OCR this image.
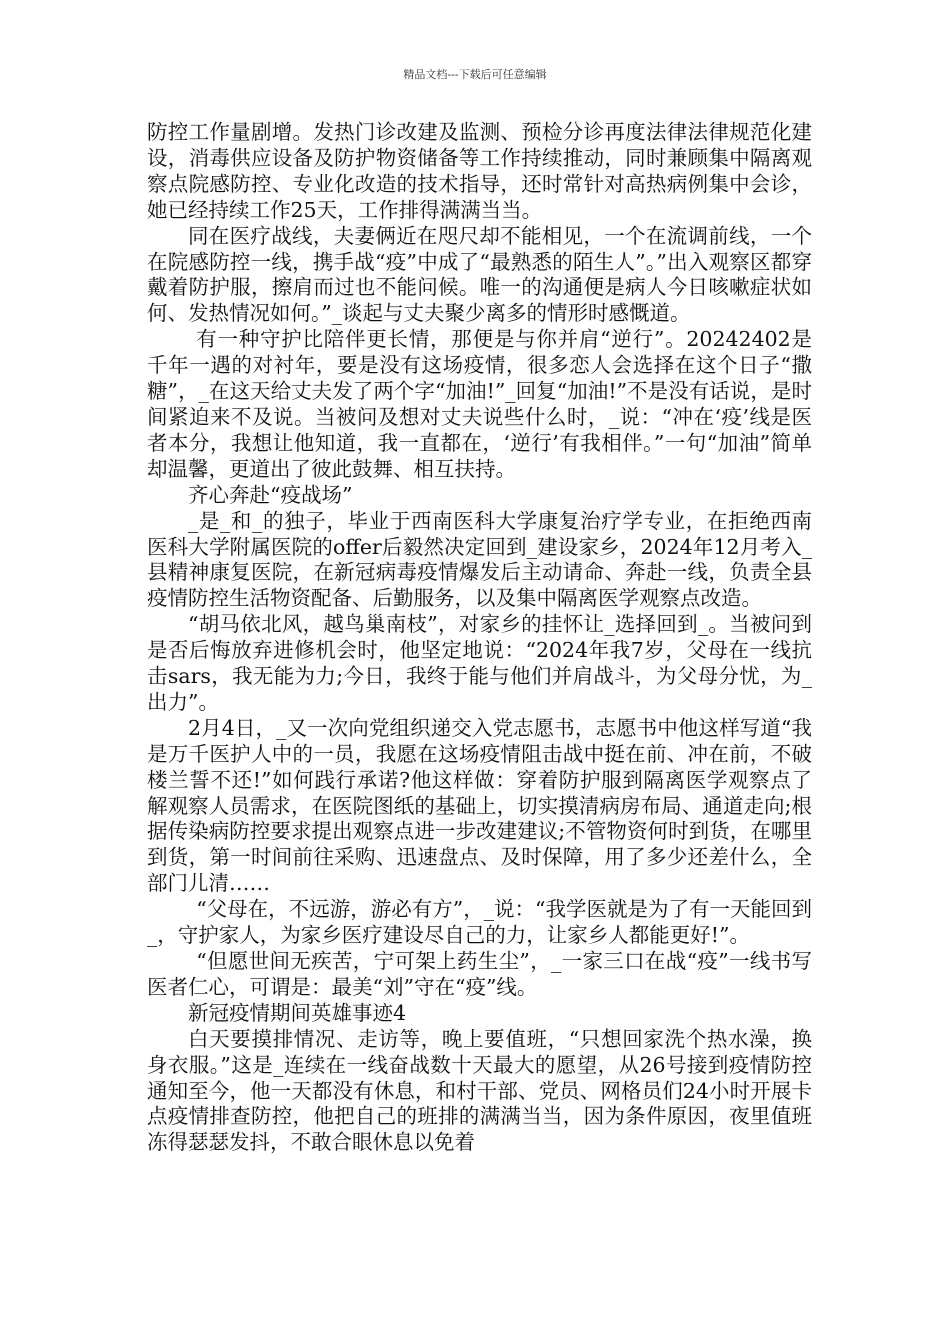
精品文档---下载后可任意编辑

防控工作量剧增。发热门诊改建及监测、预检分诊再度法律法律规范化建设，消毒供应设备及防护物资储备等工作持续推动，同时兼顾集中隔离观察点院感防控、专业化改造的技术指导，还时常针对高热病例集中会诊，她已经持续工作25天，工作排得满满当当。

同在医疗战线，夫妻俩近在咫尺却不能相见，一个在流调前线，一个在院感防控一线，携手战“疫”中成了“最熟悉的陌生人”。”出入观察区都穿戴着防护服，擦肩而过也不能问候。唯一的沟通便是病人今日咳嗽症状如何、发热情况如何。”_谈起与丈夫聚少离多的情形时感慨道。

有一种守护比陪伴更长情，那便是与你并肩“逆行”。20242402是千年一遇的对衬年，要是没有这场疫情，很多恋人会选择在这个日子“撒糖”，_在这天给丈夫发了两个字“加油!”_回复“加油!”不是没有话说，是时间紧迫来不及说。当被问及想对丈夫说些什么时，_说：“冲在‘疫’线是医者本分，我想让他知道，我一直都在，‘逆行’有我相伴。”一句“加油”简单却温馨，更道出了彼此鼓舞、相互扶持。

齐心奔赴“疫战场”

_是_和_的独子，毕业于西南医科大学康复治疗学专业，在拒绝西南医科大学附属医院的offer后毅然决定回到_建设家乡，2024年12月考入_县精神康复医院，在新冠病毒疫情爆发后主动请命、奔赴一线，负责全县疫情防控生活物资配备、后勤服务，以及集中隔离医学观察点改造。

“胡马依北风，越鸟巢南枝”，对家乡的挂怀让_选择回到_。当被问到是否后悔放弃进修机会时，他坚定地说：“2024年我7岁，父母在一线抗击sars，我无能为力;今日，我终于能与他们并肩战斗，为父母分忧，为_出力”。

2月4日，_又一次向党组织递交入党志愿书，志愿书中他这样写道“我是万千医护人中的一员，我愿在这场疫情阻击战中挺在前、冲在前，不破楼兰誓不还!”如何践行承诺?他这样做：穿着防护服到隔离医学观察点了解观察人员需求，在医院图纸的基础上，切实摸清病房布局、通道走向;根据传染病防控要求提出观察点进一步改建建议;不管物资何时到货，在哪里到货，第一时间前往采购、迅速盘点、及时保障，用了多少还差什么，全部门儿清……

“父母在，不远游，游必有方”，_说：“我学医就是为了有一天能回到_，守护家人，为家乡医疗建设尽自己的力，让家乡人都能更好!”。

“但愿世间无疾苦，宁可架上药生尘”，_一家三口在战“疫”一线书写医者仁心，可谓是：最美“刘”守在“疫”线。

新冠疫情期间英雄事迹4

白天要摸排情况、走访等，晚上要值班，“只想回家洗个热水澡，换身衣服。”这是_连续在一线奋战数十天最大的愿望，从26号接到疫情防控通知至今，他一天都没有休息，和村干部、党员、网格员们24小时开展卡点疫情排查防控，他把自己的班排的满满当当，因为条件原因，夜里值班冻得瑟瑟发抖，不敢合眼休息以免着
